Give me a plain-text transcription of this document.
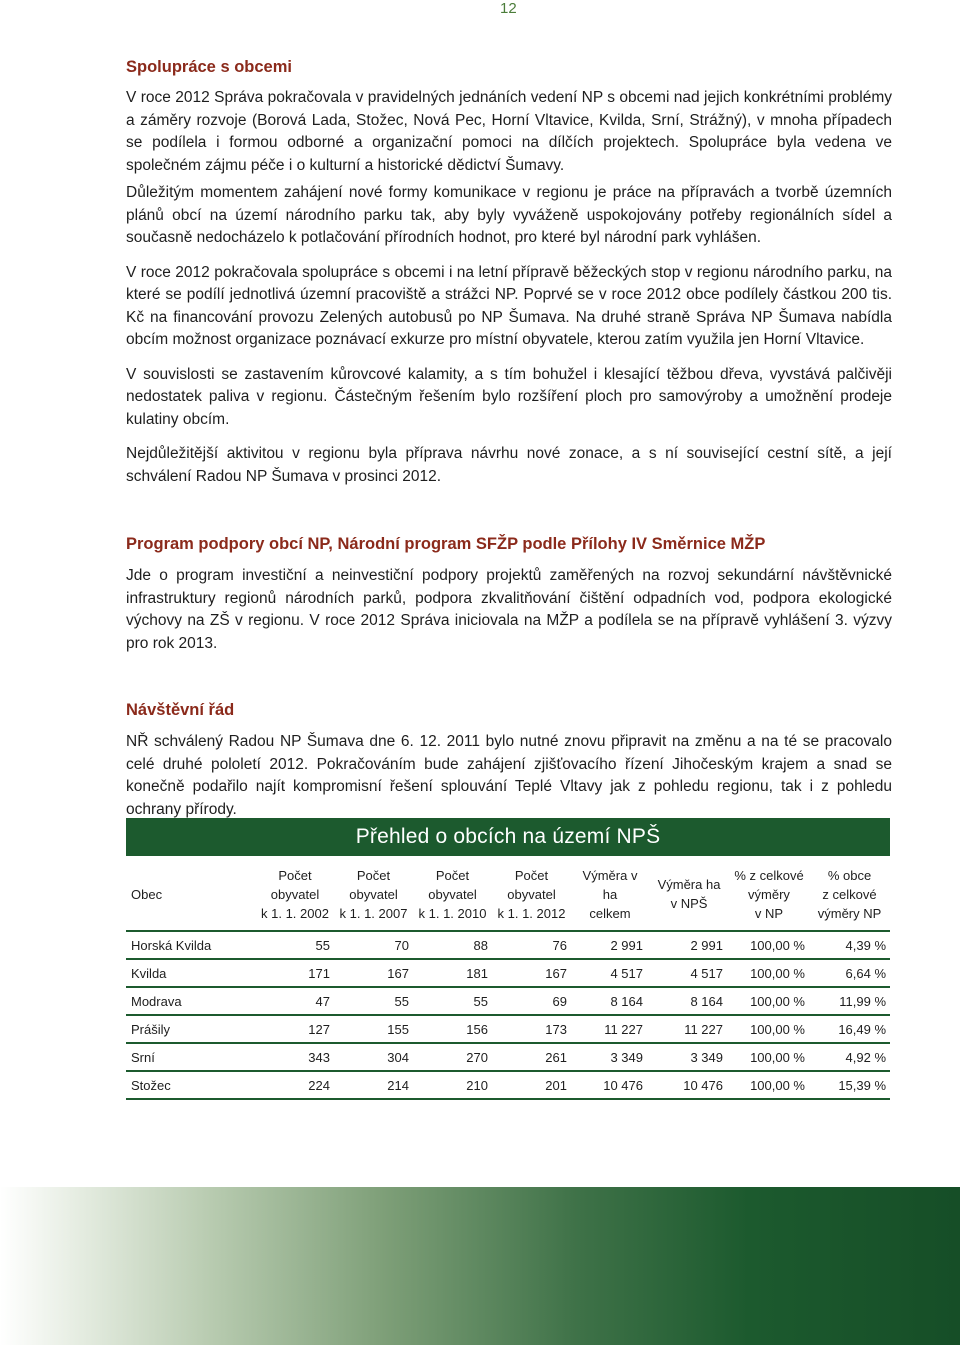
12
Spolupráce s obcemi

V roce 2012 Správa pokračovala v pravidelných jednáních vedení NP s obcemi nad jejich konkrétními problémy a záměry rozvoje (Borová Lada, Stožec, Nová Pec, Horní Vltavice, Kvilda, Srní, Strážný), v mnoha případech se podílela i formou odborné a organizační pomoci na dílčích projektech. Spolupráce byla vedena ve společném zájmu péče i o kulturní a historické dědictví Šumavy.

Důležitým momentem zahájení nové formy komunikace v regionu je práce na přípravách a tvorbě územních plánů obcí na území národního parku tak, aby byly vyváženě uspokojovány potřeby regionálních sídel a současně nedocházelo k potlačování přírodních hodnot, pro které byl národní park vyhlášen.

V roce 2012 pokračovala spolupráce s obcemi i na letní přípravě běžeckých stop v regionu národního parku, na které se podílí jednotlivá územní pracoviště a strážci NP. Poprvé se v roce 2012 obce podílely částkou 200 tis. Kč na financování provozu Zelených autobusů po NP Šumava. Na druhé straně Správa NP Šumava nabídla obcím možnost organizace poznávací exkurze pro místní obyvatele, kterou zatím využila jen Horní Vltavice.

V souvislosti se zastavením kůrovcové kalamity, a s tím bohužel i klesající těžbou dřeva, vyvstává palčivěji nedostatek paliva v regionu. Částečným řešením bylo rozšíření ploch pro samovýroby a umožnění prodeje kulatiny obcím.

Nejdůležitější aktivitou v regionu byla příprava návrhu nové zonace, a s ní související cestní sítě, a její schválení Radou NP Šumava v prosinci 2012.

Program podpory obcí NP, Národní program SFŽP podle Přílohy IV Směrnice MŽP

Jde o program investiční a neinvestiční podpory projektů zaměřených na rozvoj sekundární návštěvnické infrastruktury regionů národních parků, podpora zkvalitňování čištění odpadních vod, podpora ekologické výchovy na ZŠ v regionu. V roce 2012 Správa iniciovala na MŽP a podílela se na přípravě vyhlášení 3. výzvy pro rok 2013.

Návštěvní řád

NŘ schválený Radou NP Šumava dne 6. 12. 2011 bylo nutné znovu připravit na změnu a na té se pracovalo celé druhé pololetí 2012. Pokračováním bude zahájení zjišťovacího řízení Jihočeským krajem a snad se konečně podařilo najít kompromisní řešení splouvání Teplé Vltavy jak z pohledu regionu, tak i z pohledu ochrany přírody.

Přehled o obcích na území NPŠ								
Obec	Počet
obyvatel
k 1. 1. 2002	Počet
obyvatel
k 1. 1. 2007	Počet
obyvatel
k 1. 1. 2010	Počet
obyvatel
k 1. 1. 2012	Výměra v ha
celkem	Výměra ha
v NPŠ	% z celkové
výměry
v NP	% obce
z celkové
výměry NP
Horská Kvilda	55	70	88	76	2 991	2 991	100,00 %	4,39 %
Kvilda	171	167	181	167	4 517	4 517	100,00 %	6,64 %
Modrava	47	55	55	69	8 164	8 164	100,00 %	11,99 %
Prášily	127	155	156	173	11 227	11 227	100,00 %	16,49 %
Srní	343	304	270	261	3 349	3 349	100,00 %	4,92 %
Stožec	224	214	210	201	10 476	10 476	100,00 %	15,39 %
